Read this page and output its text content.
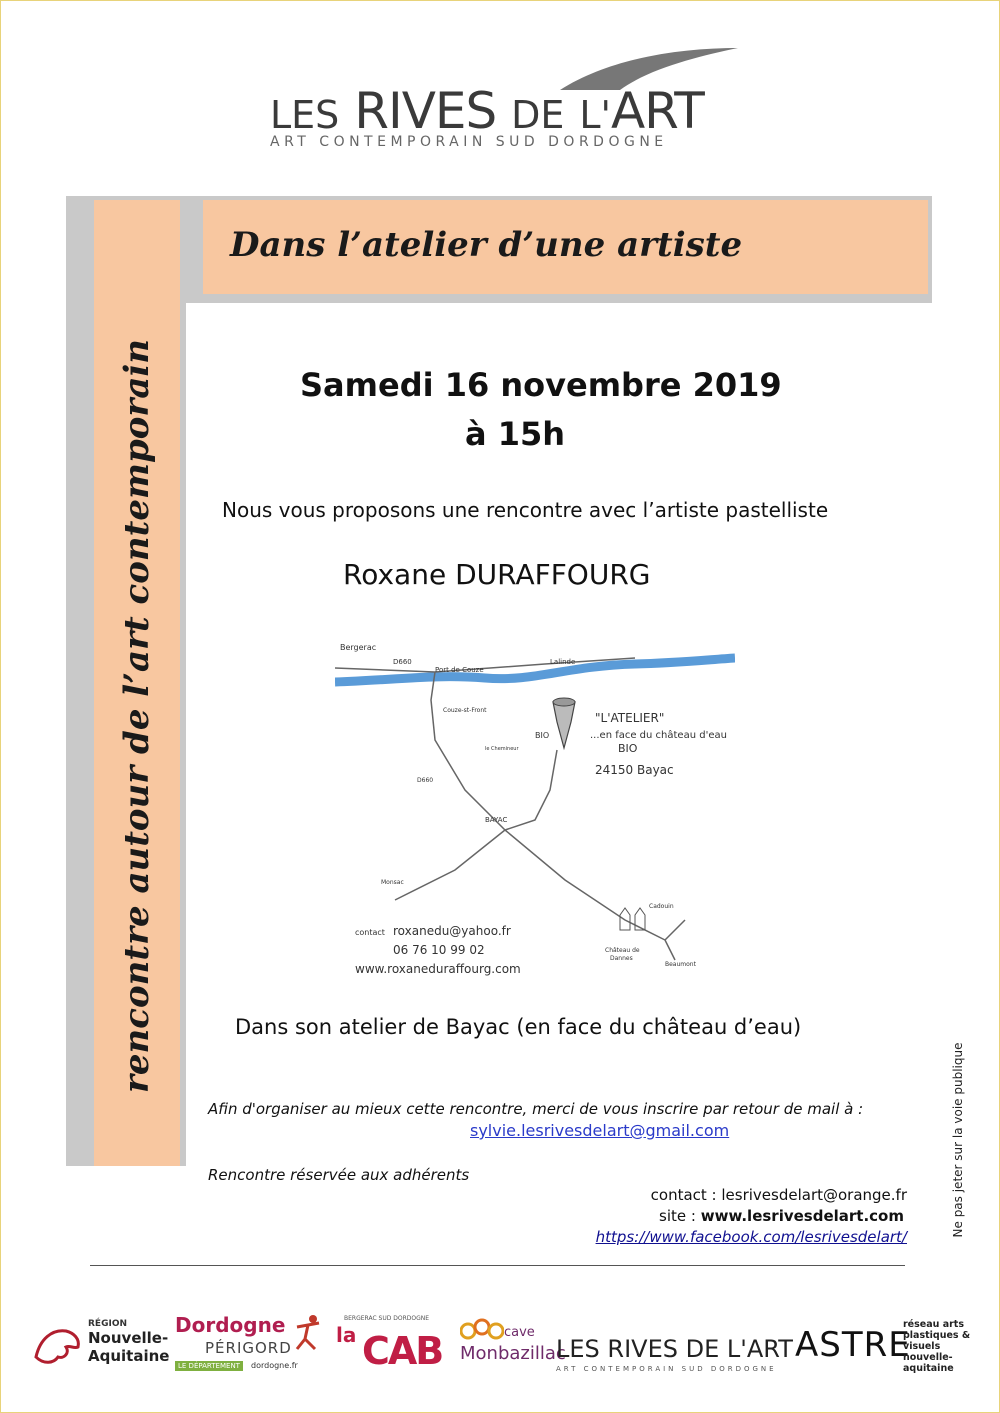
LES RIVES DE L'ART
ART CONTEMPORAIN SUD DORDOGNE
Dans l’atelier d’une artiste
rencontre autour de l’art contemporain	Samedi 16 novembre 2019
à 15h
Nous vous proposons une rencontre avec l’artiste pastelliste
Roxane DURAFFOURG
Bergerac
D660
Port de Couze
Lalinde
Couze-st-Front
BIO
le Chemineur
D660
BAYAC
Monsac
Cadouin
Château de
Dannes
Beaumont
"L'ATELIER"
...en face du château d'eau
BIO
24150 Bayac
contact roxanedu@yahoo.fr
06 76 10 99 02
www.roxaneduraffourg.com
Dans son atelier de Bayac (en face du château d’eau)
Afin d'organiser au mieux cette rencontre, merci de vous inscrire par retour de mail à :
sylvie.lesrivesdelart@gmail.com
Rencontre réservée aux adhérents
contact : lesrivesdelart@orange.fr
site : www.lesrivesdelart.com
https://www.facebook.com/lesrivesdelart/	Ne pas jeter sur la voie publique
RÉGION
Nouvelle-
Aquitaine
Dordogne
PÉRIGORD
LE DÉPARTEMENT	dordogne.fr
BERGERAC SUD DORDOGNE
la CAB	cave
Monbazillac
LES RIVES DE L'ART
ART CONTEMPORAIN SUD DORDOGNE
ASTRE
réseau arts plastiques & visuels nouvelle-aquitaine
